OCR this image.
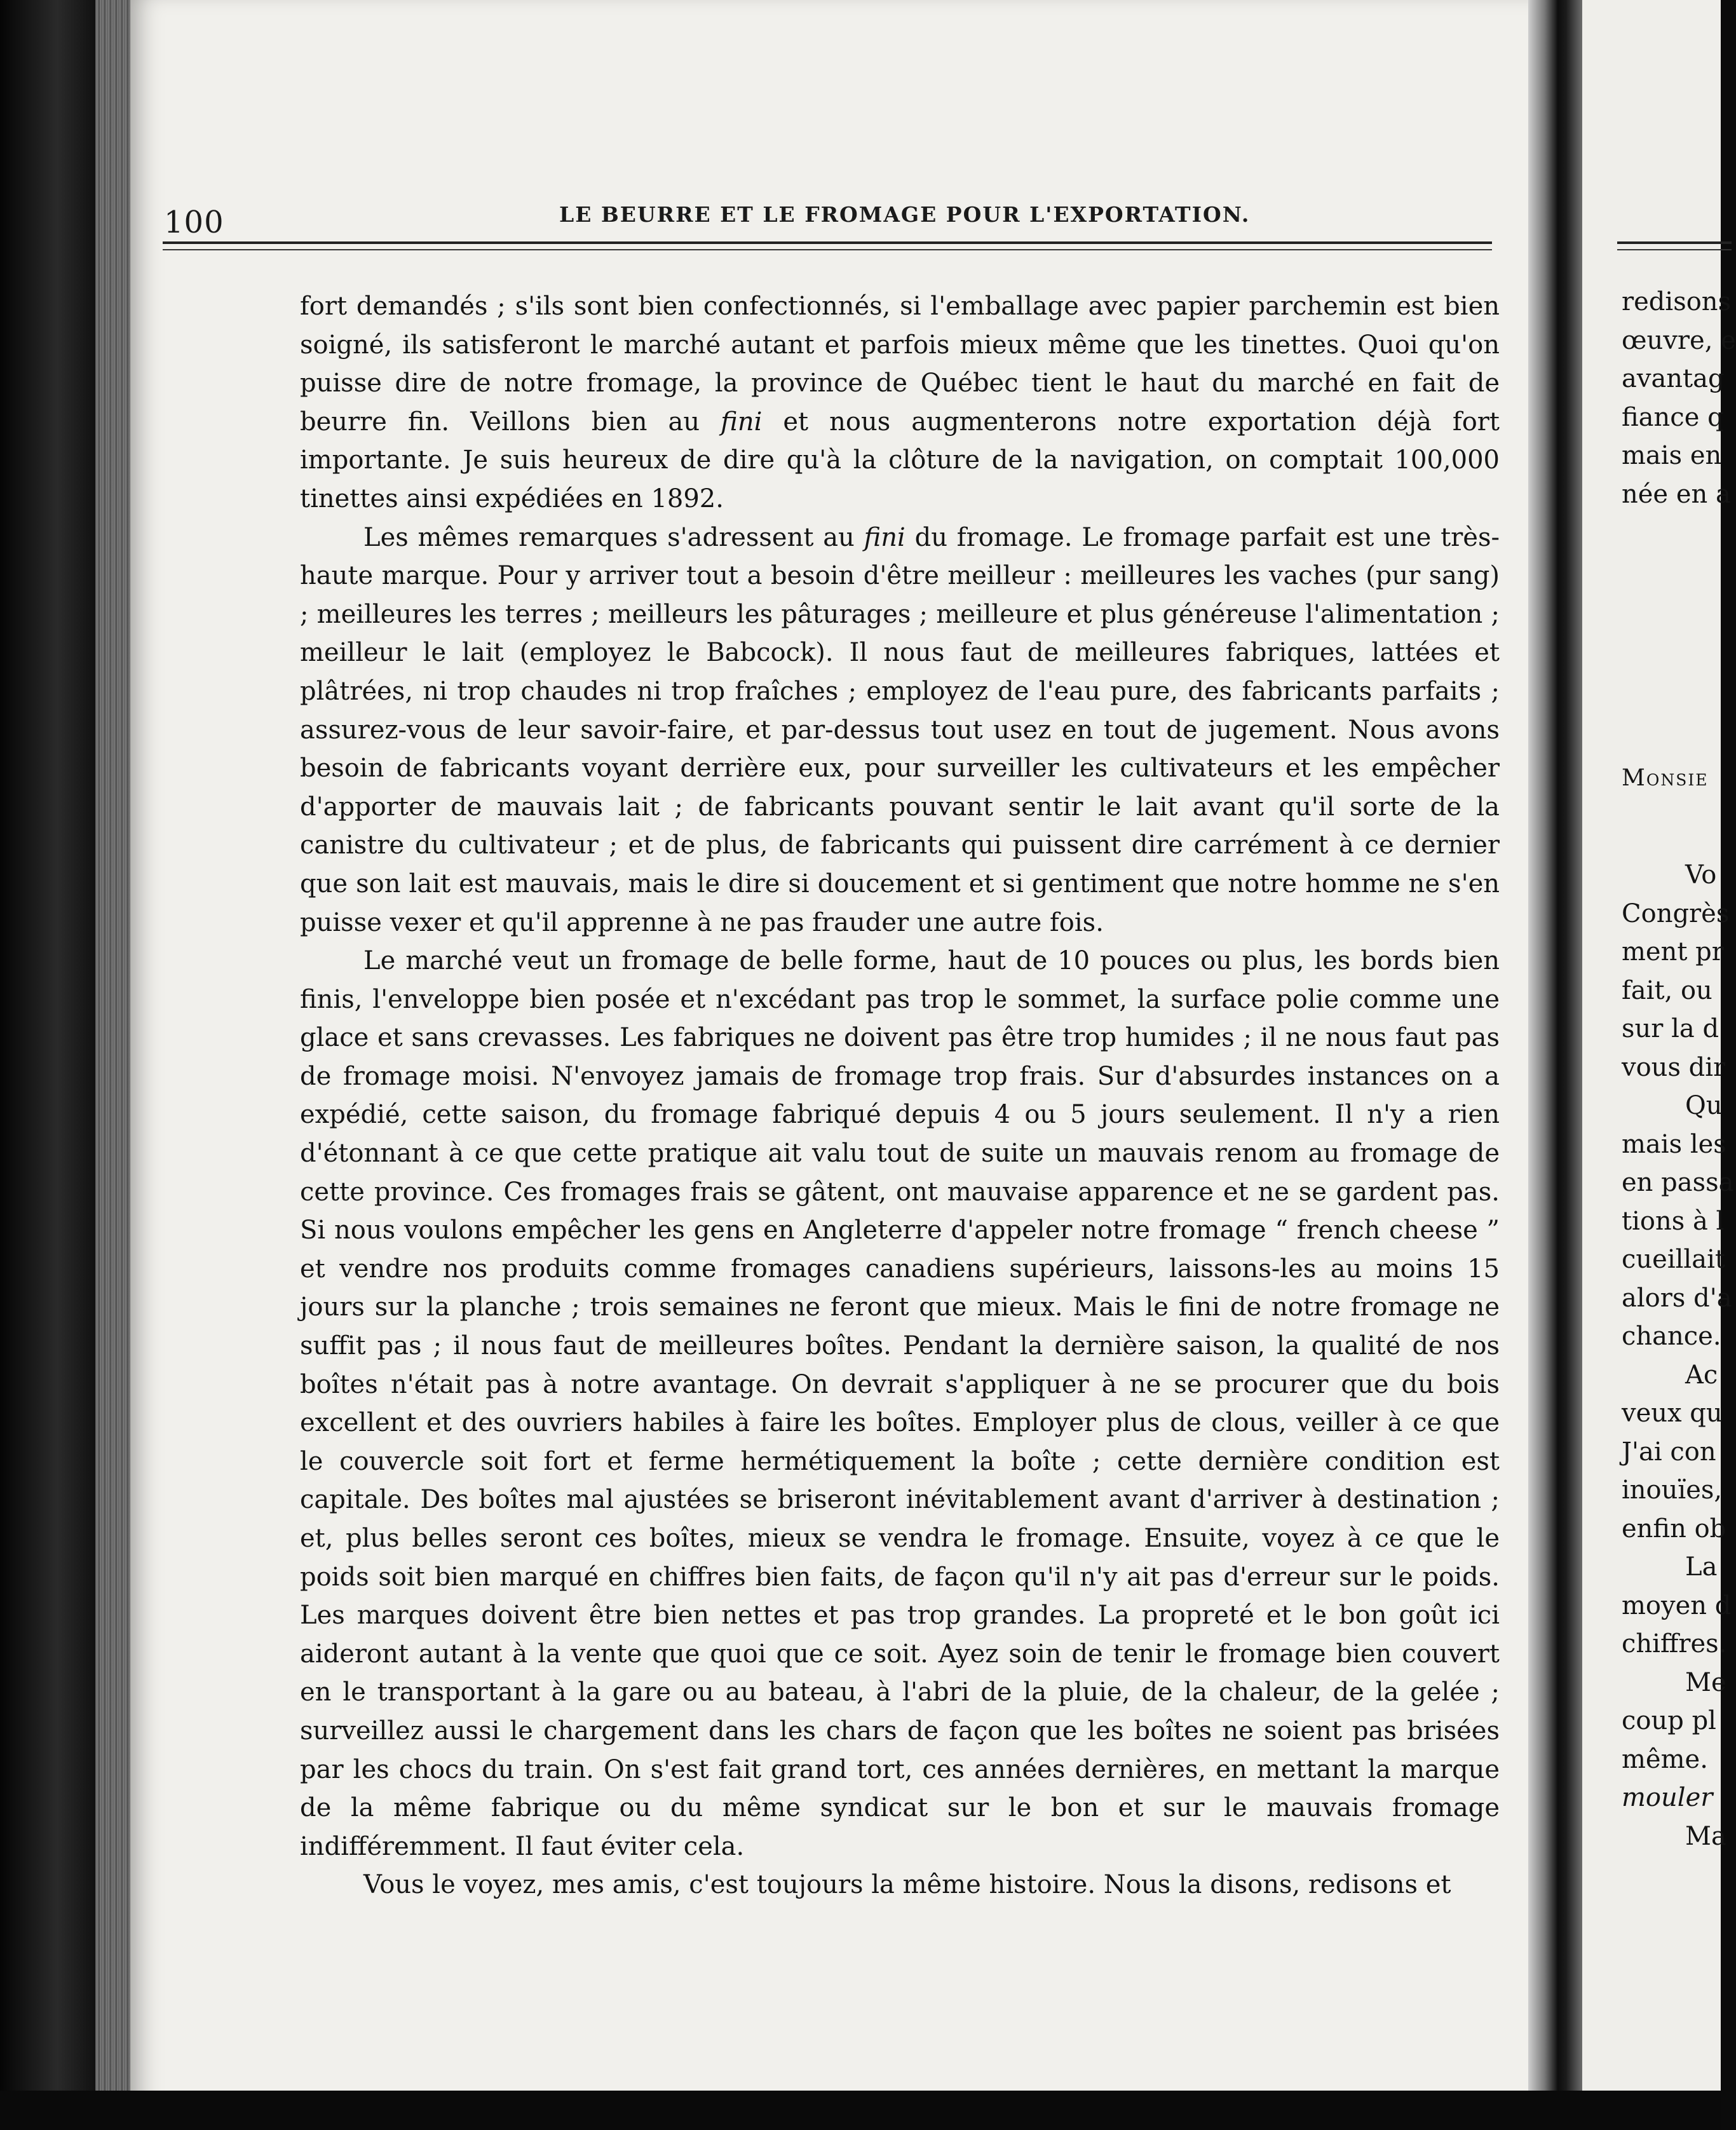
100	LE BEURRE ET LE FROMAGE POUR L'EXPORTATION.

fort demandés ; s'ils sont bien confectionnés, si l'emballage avec papier parchemin est bien soigné, ils satisferont le marché autant et parfois mieux même que les tinettes. Quoi qu'on puisse dire de notre fromage, la province de Québec tient le haut du marché en fait de beurre fin. Veillons bien au fini et nous augmenterons notre exportation déjà fort importante. Je suis heureux de dire qu'à la clôture de la navigation, on comptait 100,000 tinettes ainsi expédiées en 1892.

Les mêmes remarques s'adressent au fini du fromage. Le fromage parfait est une très-haute marque. Pour y arriver tout a besoin d'être meilleur : meilleures les vaches (pur sang) ; meilleures les terres ; meilleurs les pâturages ; meilleure et plus généreuse l'alimentation ; meilleur le lait (employez le Babcock). Il nous faut de meilleures fabriques, lattées et plâtrées, ni trop chaudes ni trop fraîches ; employez de l'eau pure, des fabricants parfaits ; assurez-vous de leur savoir-faire, et par-dessus tout usez en tout de jugement. Nous avons besoin de fabricants voyant derrière eux, pour surveiller les cultivateurs et les empêcher d'apporter de mauvais lait ; de fabricants pouvant sentir le lait avant qu'il sorte de la canistre du cultivateur ; et de plus, de fabricants qui puissent dire carrément à ce dernier que son lait est mauvais, mais le dire si doucement et si gentiment que notre homme ne s'en puisse vexer et qu'il apprenne à ne pas frauder une autre fois.

Le marché veut un fromage de belle forme, haut de 10 pouces ou plus, les bords bien finis, l'enveloppe bien posée et n'excédant pas trop le sommet, la surface polie comme une glace et sans crevasses. Les fabriques ne doivent pas être trop humides ; il ne nous faut pas de fromage moisi. N'envoyez jamais de fromage trop frais. Sur d'absurdes instances on a expédié, cette saison, du fromage fabriqué depuis 4 ou 5 jours seulement. Il n'y a rien d'étonnant à ce que cette pratique ait valu tout de suite un mauvais renom au fromage de cette province. Ces fromages frais se gâtent, ont mauvaise apparence et ne se gardent pas. Si nous voulons empêcher les gens en Angleterre d'appeler notre fromage “ french cheese ” et vendre nos produits comme fromages canadiens supérieurs, laissons-les au moins 15 jours sur la planche ; trois semaines ne feront que mieux. Mais le fini de notre fromage ne suffit pas ; il nous faut de meilleures boîtes. Pendant la dernière saison, la qualité de nos boîtes n'était pas à notre avantage. On devrait s'appliquer à ne se procurer que du bois excellent et des ouvriers habiles à faire les boîtes. Employer plus de clous, veiller à ce que le couvercle soit fort et ferme hermétiquement la boîte ; cette dernière condition est capitale. Des boîtes mal ajustées se briseront inévitablement avant d'arriver à destination ; et, plus belles seront ces boîtes, mieux se vendra le fromage. Ensuite, voyez à ce que le poids soit bien marqué en chiffres bien faits, de façon qu'il n'y ait pas d'erreur sur le poids. Les marques doivent être bien nettes et pas trop grandes. La propreté et le bon goût ici aideront autant à la vente que quoi que ce soit. Ayez soin de tenir le fromage bien couvert en le transportant à la gare ou au bateau, à l'abri de la pluie, de la chaleur, de la gelée ; surveillez aussi le chargement dans les chars de façon que les boîtes ne soient pas brisées par les chocs du train. On s'est fait grand tort, ces années dernières, en mettant la marque de la même fabrique ou du même syndicat sur le bon et sur le mauvais fromage indifféremment. Il faut éviter cela.

Vous le voyez, mes amis, c'est toujours la même histoire. Nous la disons, redisons et

redisons
œuvre, e
avantag
fiance q
mais en
née en a
Monsie
Vo
Congrès
ment pr
fait, ou
sur la d
vous dir
Qu
mais les
en passa
tions à l
cueillait
alors d'a
chance.
Ac
veux qu
J'ai con
inouïes,
enfin ob
La
moyen d
chiffres.
Me
coup pl
même.
mouler
Ma
